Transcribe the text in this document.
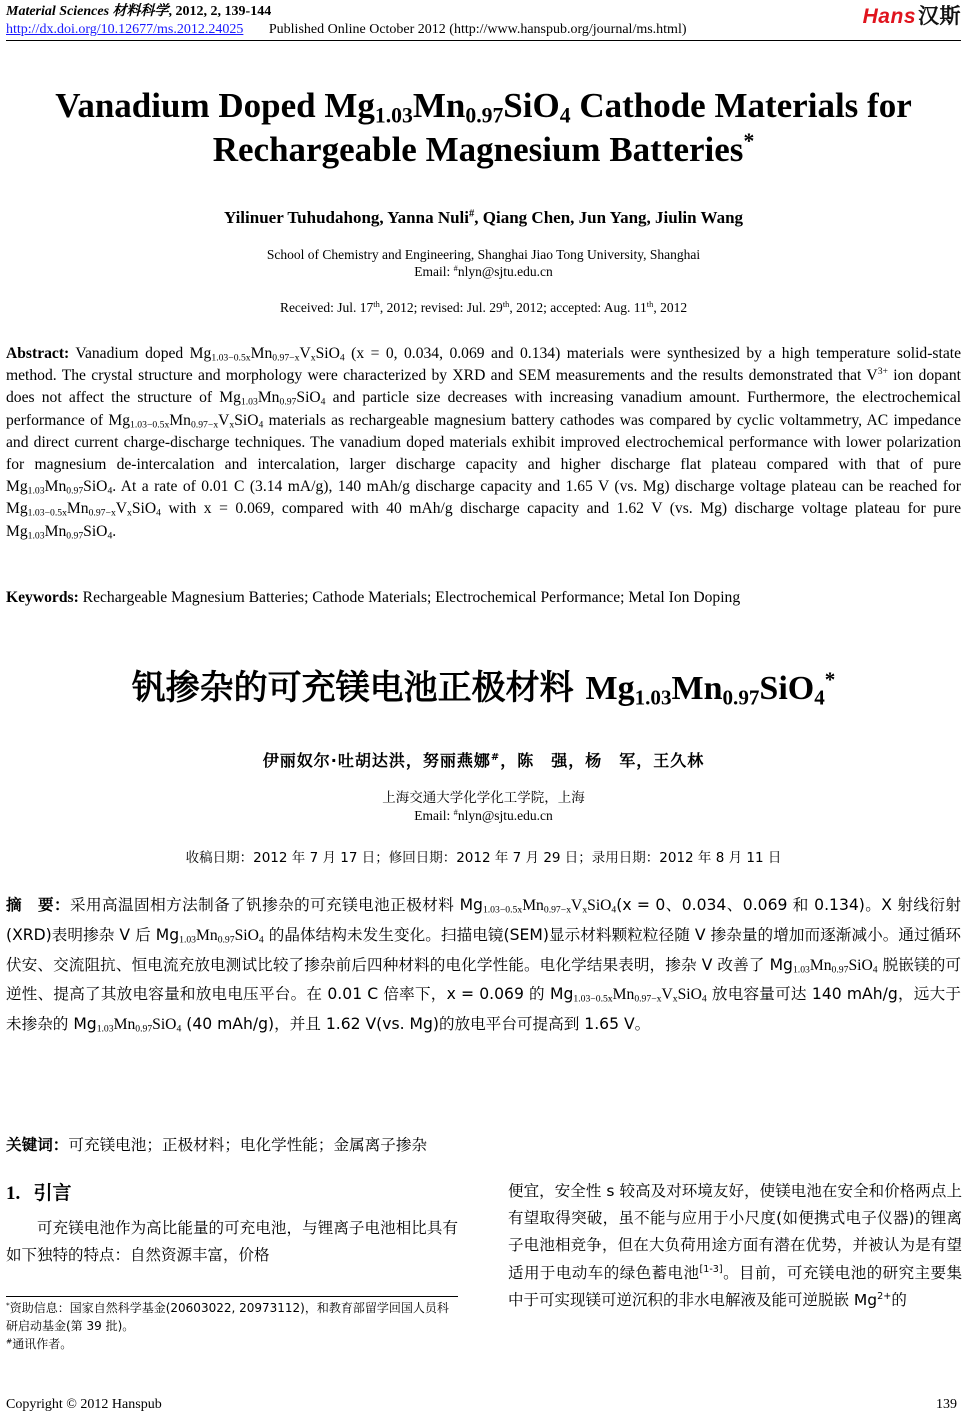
Material Sciences 材料科学, 2012, 2, 139-144
http://dx.doi.org/10.12677/ms.2012.24025 Published Online October 2012 (http://www.hanspub.org/journal/ms.html)
Hans汉斯
Vanadium Doped $Mg_{1.03}Mn_{0.97}SiO_4$ Cathode Materials for
Rechargeable Magnesium Batteries*
Yilinuer Tuhudahong, Yanna Nuli#, Qiang Chen, Jun Yang, Jiulin Wang
School of Chemistry and Engineering, Shanghai Jiao Tong University, Shanghai
Email: #nlyn@sjtu.edu.cn
Received: Jul. 17th, 2012; revised: Jul. 29th, 2012; accepted: Aug. 11th, 2012
Abstract: Vanadium doped $Mg_{1.03-0.5x}Mn_{0.97-x}V_xSiO_4$ (x = 0, 0.034, 0.069 and 0.134) materials were synthesized by a high temperature solid-state method. The crystal structure and morphology were characterized by XRD and SEM measurements and the results demonstrated that $V^{3+}$ ion dopant does not affect the structure of $Mg_{1.03}Mn_{0.97}SiO_4$ and particle size decreases with increasing vanadium amount. Furthermore, the electrochemical performance of $Mg_{1.03-0.5x}Mn_{0.97-x}V_xSiO_4$ materials as rechargeable magnesium battery cathodes was compared by cyclic voltammetry, AC impedance and direct current charge-discharge techniques. The vanadium doped materials exhibit improved electrochemical performance with lower polarization for magnesium de-intercalation and intercalation, larger discharge capacity and higher discharge flat plateau compared with that of pure $Mg_{1.03}Mn_{0.97}SiO_4$. At a rate of 0.01 C (3.14 mA/g), 140 mAh/g discharge capacity and 1.65 V (vs. Mg) discharge voltage plateau can be reached for $Mg_{1.03-0.5x}Mn_{0.97-x}V_xSiO_4$ with x = 0.069, compared with 40 mAh/g discharge capacity and 1.62 V (vs. Mg) discharge voltage plateau for pure $Mg_{1.03}Mn_{0.97}SiO_4$.
Keywords: Rechargeable Magnesium Batteries; Cathode Materials; Electrochemical Performance; Metal Ion Doping
钒掺杂的可充镁电池正极材料 $Mg_{1.03}Mn_{0.97}SiO_4^*$
伊丽奴尔·吐胡达洪，努丽燕娜#，陈　强，杨　军，王久林
上海交通大学化学化工学院，上海
Email: #nlyn@sjtu.edu.cn
收稿日期：2012 年 7 月 17 日；修回日期：2012 年 7 月 29 日；录用日期：2012 年 8 月 11 日
摘　要：采用高温固相方法制备了钒掺杂的可充镁电池正极材料 $Mg_{1.03-0.5x}Mn_{0.97-x}V_xSiO_4(x = 0$、0.034、0.069 和 0.134)。X 射线衍射(XRD)表明掺杂 V 后 $Mg_{1.03}Mn_{0.97}SiO_4$ 的晶体结构未发生变化。扫描电镜(SEM)显示材料颗粒粒径随 V 掺杂量的增加而逐渐减小。通过循环伏安、交流阻抗、恒电流充放电测试比较了掺杂前后四种材料的电化学性能。电化学结果表明，掺杂 V 改善了 $Mg_{1.03}Mn_{0.97}SiO_4$ 脱嵌镁的可逆性、提高了其放电容量和放电电压平台。在 0.01 C 倍率下，x = 0.069 的 $Mg_{1.03-0.5x}Mn_{0.97-x}V_xSiO_4$ 放电容量可达 140 mAh/g，远大于未掺杂的 $Mg_{1.03}Mn_{0.97}SiO_4$ (40 mAh/g)，并且 1.62 V(vs. Mg)的放电平台可提高到 1.65 V。
关键词：可充镁电池；正极材料；电化学性能；金属离子掺杂
1. 引言

可充镁电池作为高比能量的可充电池，与锂离子电池相比具有如下独特的特点：自然资源丰富，价格

*资助信息：国家自然科学基金(20603022, 20973112)，和教育部留学回国人员科研启动基金(第 39 批)。
#通讯作者。
便宜，安全性 s 较高及对环境友好，使镁电池在安全和价格两点上有望取得突破，虽不能与应用于小尺度(如便携式电子仪器)的锂离子电池相竞争，但在大负荷用途方面有潜在优势，并被认为是有望适用于电动车的绿色蓄电池[1-3]。目前，可充镁电池的研究主要集中于可实现镁可逆沉积的非水电解液及能可逆脱嵌 $Mg^{2+}$的
Copyright © 2012 Hanspub	139
